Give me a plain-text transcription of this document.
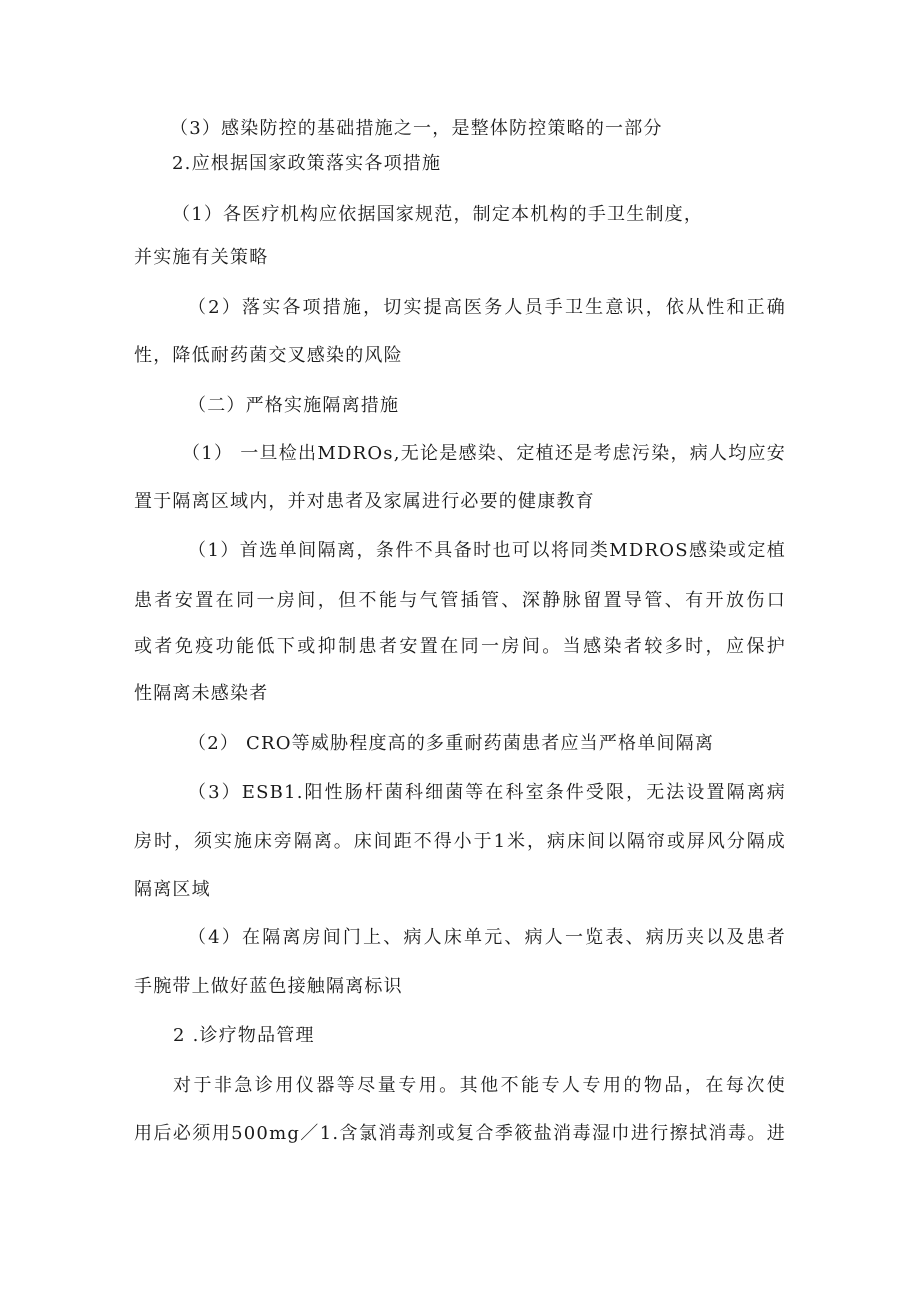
（3）感染防控的基础措施之一，是整体防控策略的一部分
2.应根据国家政策落实各项措施
（1）各医疗机构应依据国家规范，制定本机构的手卫生制度，
并实施有关策略
（2）落实各项措施，切实提高医务人员手卫生意识，依从性和正确
性，降低耐药菌交叉感染的风险
（二）严格实施隔离措施
（1） 一旦检出MDROs,无论是感染、定植还是考虑污染，病人均应安
置于隔离区域内，并对患者及家属进行必要的健康教育
（1）首选单间隔离，条件不具备时也可以将同类MDROS感染或定植
患者安置在同一房间，但不能与气管插管、深静脉留置导管、有开放伤口
或者免疫功能低下或抑制患者安置在同一房间。当感染者较多时，应保护
性隔离未感染者
（2） CRO等威胁程度高的多重耐药菌患者应当严格单间隔离
（3）ESB1.阳性肠杆菌科细菌等在科室条件受限，无法设置隔离病
房时，须实施床旁隔离。床间距不得小于1米，病床间以隔帘或屏风分隔成
隔离区域
（4）在隔离房间门上、病人床单元、病人一览表、病历夹以及患者
手腕带上做好蓝色接触隔离标识
2 .诊疗物品管理
对于非急诊用仪器等尽量专用。其他不能专人专用的物品，在每次使
用后必须用500mg／1.含氯消毒剂或复合季筱盐消毒湿巾进行擦拭消毒。进
